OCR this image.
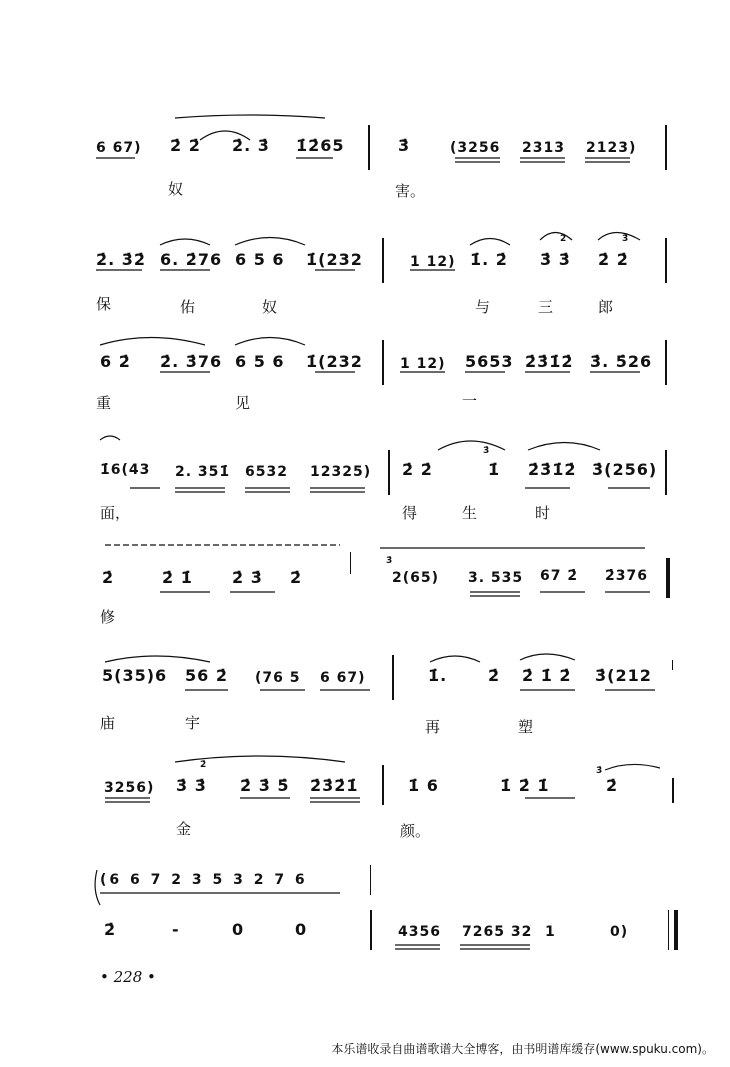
6 67) 2̇ 2̇ 2̇. 3̇ 1̇2̇65	3̇	(3256 2313 2123)
奴	害。
2̇. 3̇2̇ 6. 2̇76 6 5 6 1̇(232	1 12) 1̇. 2̇ 3̇ 3̇ 2̇ 2̇
2̇	3̇
保	佑	奴	与	三	郎
6 2̇ 2̇. 3̇76 6 5 6 1̇(232	1 12) 5653 2̇3̇1̇2̇ 3̇. 5̇26
重	见	一
1̇6(43 2. 351̇ 6532 12325) 2̇ 2̇	1̇
3̇
2̇3̇1̇2̇ 3̇(256)
面，	得	生	时
2̇	2̇ 1̇ 2̇ 3̇ 2̇
3̇
2(65) 3. 535 67 2̇ 2̇376
修
5(35)6 56 2̇ (76 5 6 67)	1̇.	2̇ 2̇ 1̇ 2̇ 3̇(212
庙	宇	再	塑
3256) 3̇ 3̇
2̇
2̇ 3̇ 5̇ 2̇3̇2̇1̇	1̇ 6	1̇ 2̇ 1̇
3̇
2̇
金	颜。
(6 6 7 2 3 5 3 2 7 6
2̇	-	0	0	4356 7265 32 1	0)
• 228 •
本乐谱收录自曲谱歌谱大全博客，由书明谱库缓存(www.spuku.com)。
